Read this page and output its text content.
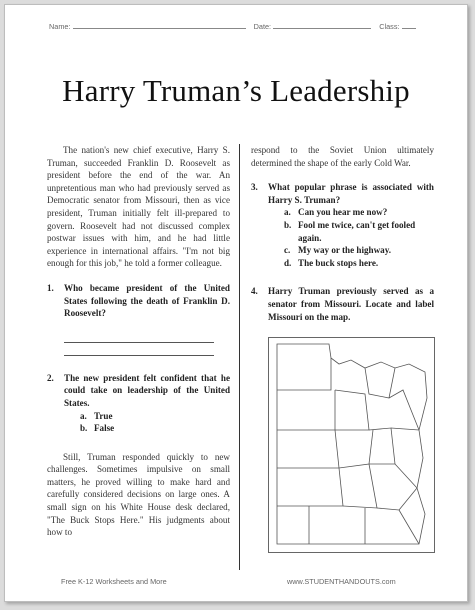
Name:	Date:	Class:
Harry Truman’s Leadership

The nation's new chief executive, Harry S. Truman, succeeded Franklin D. Roosevelt as president before the end of the war. An unpretentious man who had previously served as Democratic senator from Missouri, then as vice president, Truman initially felt ill-prepared to govern. Roosevelt had not discussed complex postwar issues with him, and he had little experience in international affairs. "I'm not big enough for this job," he told a former colleague.

1. Who became president of the United States following the death of Franklin D. Roosevelt?
2. The new president felt confident that he could take on leadership of the United States.
a. True
b. False

Still, Truman responded quickly to new challenges. Sometimes impulsive on small matters, he proved willing to make hard and carefully considered decisions on large ones. A small sign on his White House desk declared, "The Buck Stops Here." His judgments about how to

respond to the Soviet Union ultimately determined the shape of the early Cold War.

3. What popular phrase is associated with Harry S. Truman?
a. Can you hear me now?
b. Fool me twice, can't get fooled again.
c. My way or the highway.
d. The buck stops here.
4. Harry Truman previously served as a senator from Missouri. Locate and label Missouri on the map.
Free K-12 Worksheets and More	www.STUDENTHANDOUTS.com
